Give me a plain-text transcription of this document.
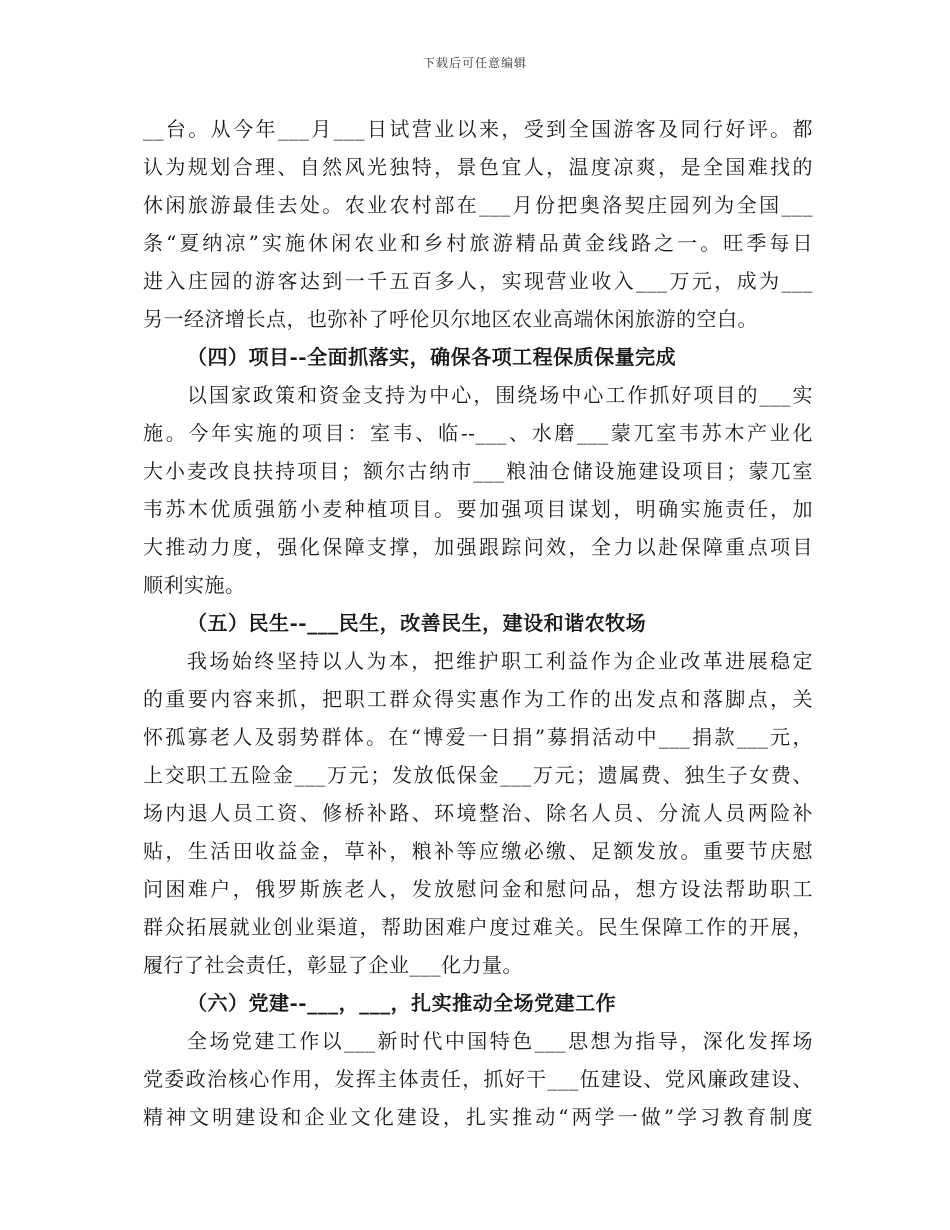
下载后可任意编辑
__台。从今年___月___日试营业以来，受到全国游客及同行好评。都
认为规划合理、自然风光独特，景色宜人，温度凉爽，是全国难找的
休闲旅游最佳去处。农业农村部在___月份把奥洛契庄园列为全国___
条“夏纳凉”实施休闲农业和乡村旅游精品黄金线路之一。旺季每日
进入庄园的游客达到一千五百多人，实现营业收入___万元，成为___
另一经济增长点，也弥补了呼伦贝尔地区农业高端休闲旅游的空白。
（四）项目--全面抓落实，确保各项工程保质保量完成
以国家政策和资金支持为中心，围绕场中心工作抓好项目的___实
施。今年实施的项目：室韦、临--___、水磨___蒙兀室韦苏木产业化
大小麦改良扶持项目；额尔古纳市___粮油仓储设施建设项目；蒙兀室
韦苏木优质强筋小麦种植项目。要加强项目谋划，明确实施责任，加
大推动力度，强化保障支撑，加强跟踪问效，全力以赴保障重点项目
顺利实施。
（五）民生--___民生，改善民生，建设和谐农牧场
我场始终坚持以人为本，把维护职工利益作为企业改革进展稳定
的重要内容来抓，把职工群众得实惠作为工作的出发点和落脚点，关
怀孤寡老人及弱势群体。在“博爱一日捐”募捐活动中___捐款___元，
上交职工五险金___万元；发放低保金___万元；遗属费、独生子女费、
场内退人员工资、修桥补路、环境整治、除名人员、分流人员两险补
贴，生活田收益金，草补，粮补等应缴必缴、足额发放。重要节庆慰
问困难户，俄罗斯族老人，发放慰问金和慰问品，想方设法帮助职工
群众拓展就业创业渠道，帮助困难户度过难关。民生保障工作的开展，
履行了社会责任，彰显了企业___化力量。
（六）党建--___，___，扎实推动全场党建工作
全场党建工作以___新时代中国特色___思想为指导，深化发挥场
党委政治核心作用，发挥主体责任，抓好干___伍建设、党风廉政建设、
精神文明建设和企业文化建设，扎实推动“两学一做”学习教育制度
